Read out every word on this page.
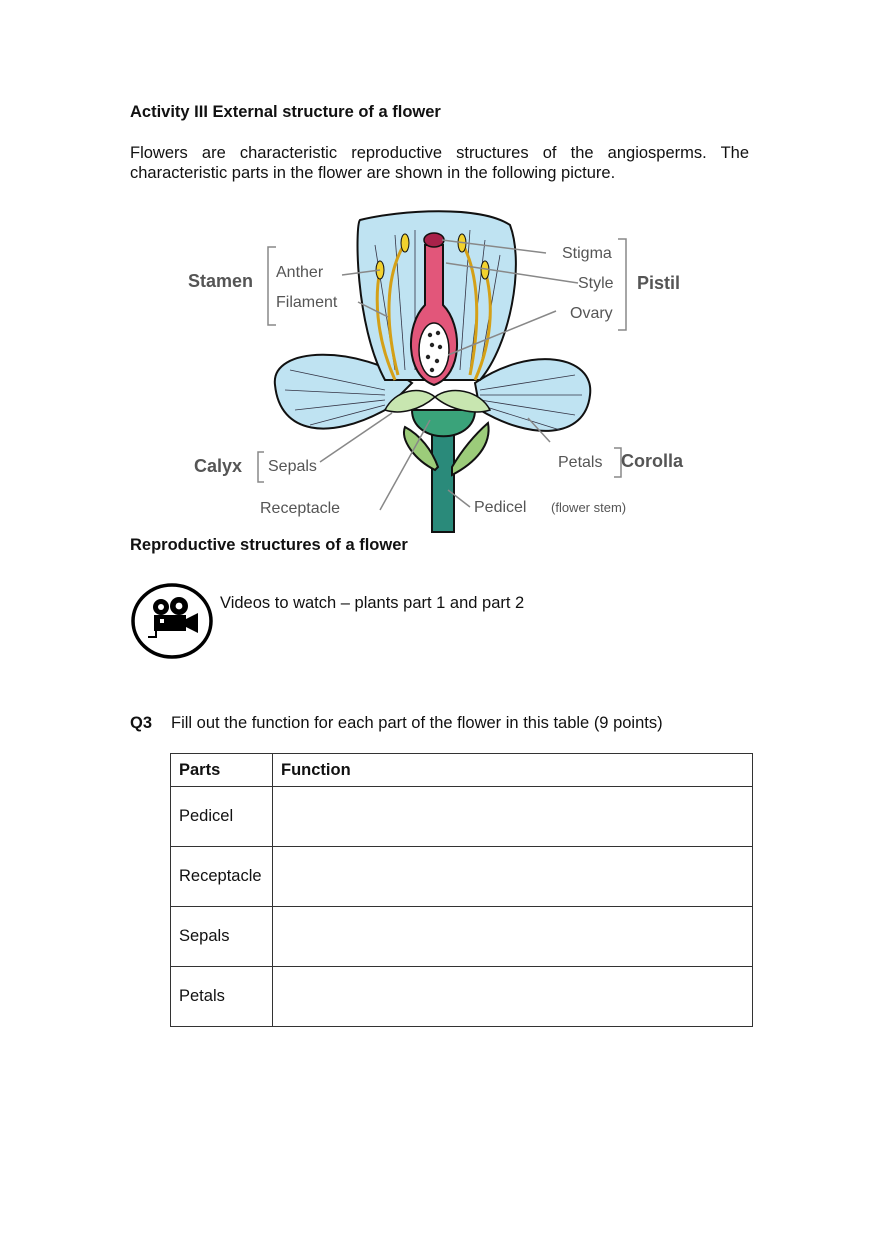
Activity III External structure of a flower
Flowers are characteristic reproductive structures of the angiosperms. The characteristic parts in the flower are shown in the following picture.
Stamen Anther
Filament
Stigma
Style
Ovary
Pistil
Calyx Sepals	Petals Corolla
Receptacle	Pedicel (flower stem)
Reproductive structures of a flower
Videos to watch – plants part 1 and part 2
Q3 Fill out the function for each part of the flower in this table (9 points)
Parts	Function
Pedicel	
Receptacle	
Sepals	
Petals	
